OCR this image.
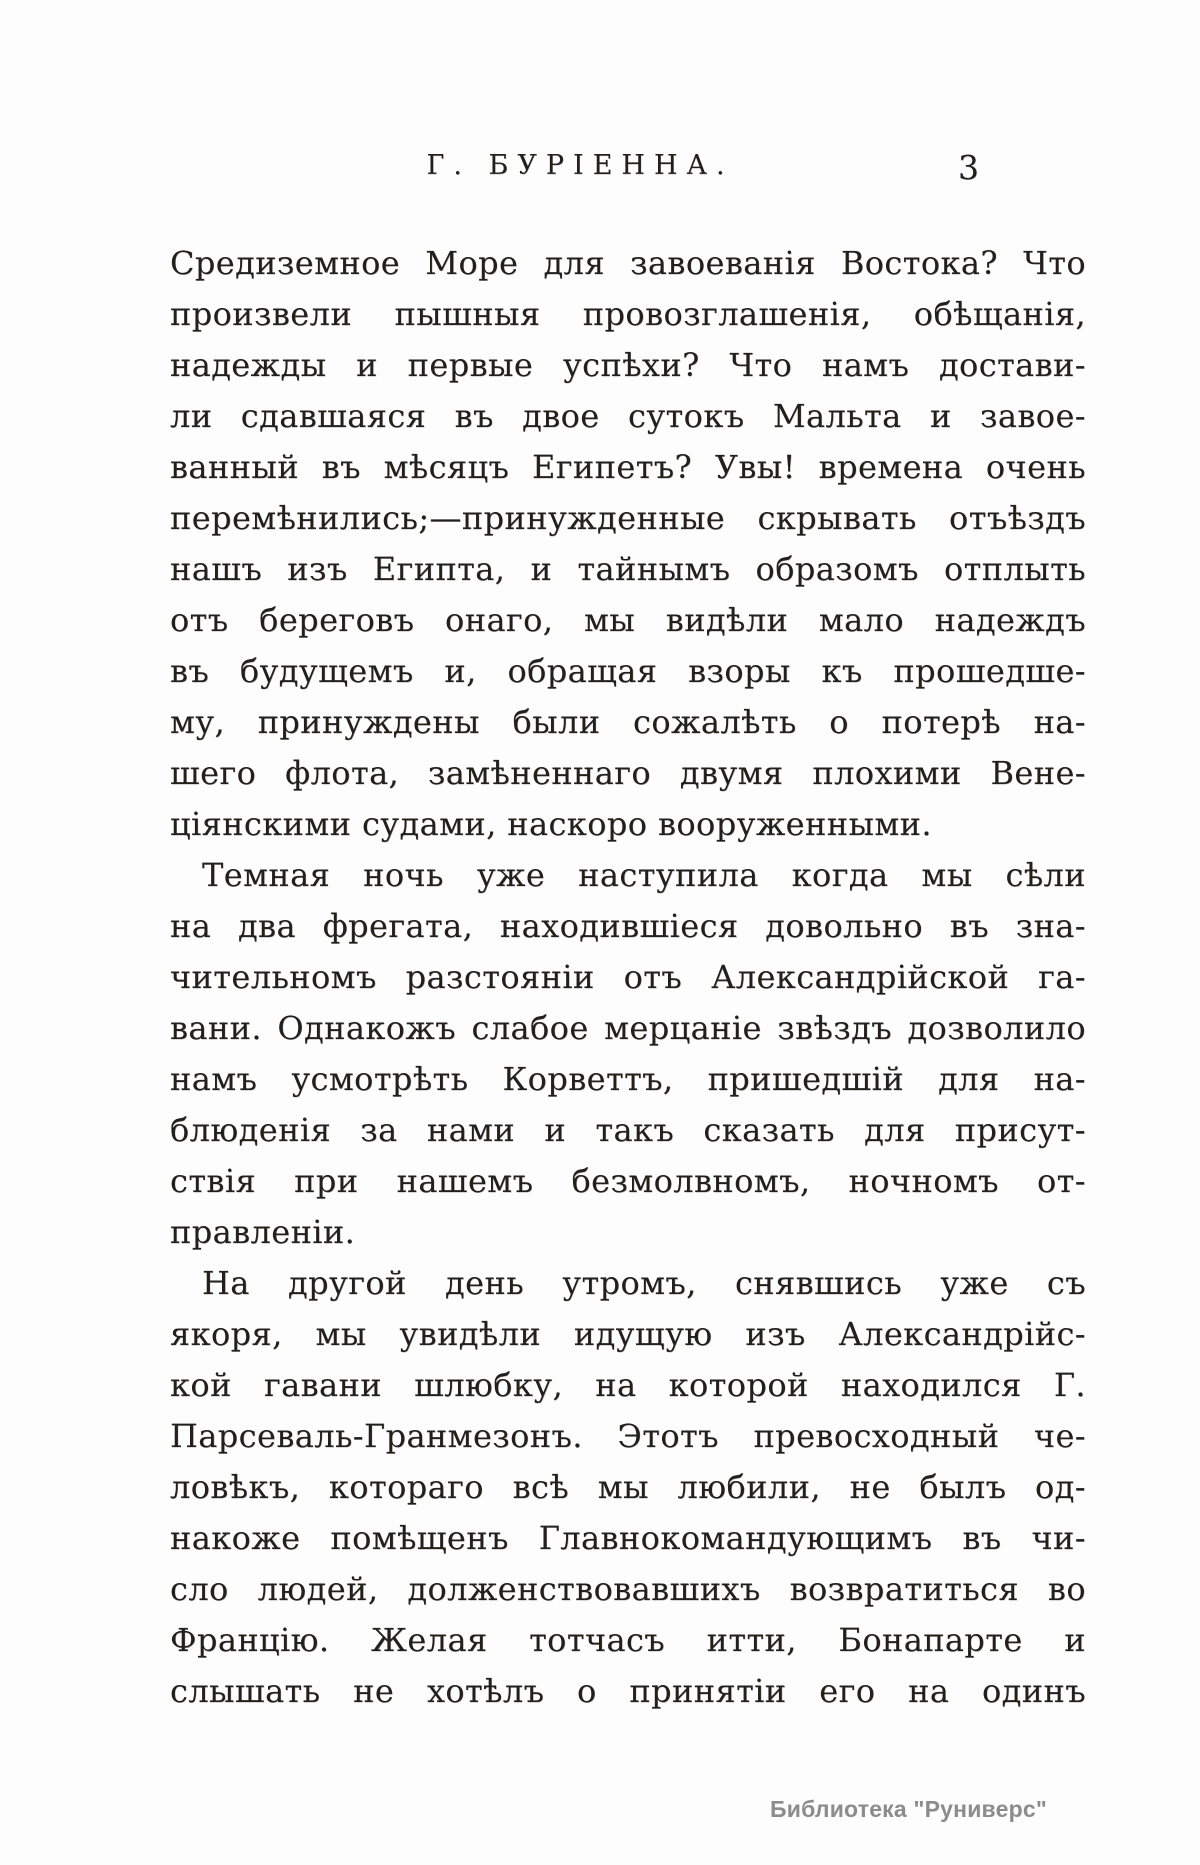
Г. БУРІЕННА.	3
Средиземное Море для завоеванія Востока? Что
произвели пышныя провозглашенія, обѣщанія,
надежды и первые успѣхи? Что намъ достави-
ли сдавшаяся въ двое сутокъ Мальта и завое-
ванный въ мѣсяцъ Египетъ? Увы! времена очень
перемѣнились;—принужденные скрывать отъѣздъ
нашъ изъ Египта, и тайнымъ образомъ отплыть
отъ береговъ онаго, мы видѣли мало надеждъ
въ будущемъ и, обращая взоры къ прошедше-
му, принуждены были сожалѣть о потерѣ на-
шего флота, замѣненнаго двумя плохими Вене-
ціянскими судами, наскоро вооруженными.
Темная ночь уже наступила когда мы сѣли
на два фрегата, находившіеся довольно въ зна-
чительномъ разстояніи отъ Александрійской га-
вани. Однакожъ слабое мерцаніе звѣздъ дозволило
намъ усмотрѣть Корветтъ, пришедшій для на-
блюденія за нами и такъ сказать для присут-
ствія при нашемъ безмолвномъ, ночномъ от-
правленіи.
На другой день утромъ, снявшись уже съ
якоря, мы увидѣли идущую изъ Александрійс-
кой гавани шлюбку, на которой находился Г.
Парсеваль-Гранмезонъ. Этотъ превосходный че-
ловѣкъ, котораго всѣ мы любили, не былъ од-
накоже помѣщенъ Главнокомандующимъ въ чи-
сло людей, долженствовавшихъ возвратиться во
Францію. Желая тотчасъ итти, Бонапарте и
слышать не хотѣлъ о принятіи его на одинъ
Библиотека "Руниверс"
